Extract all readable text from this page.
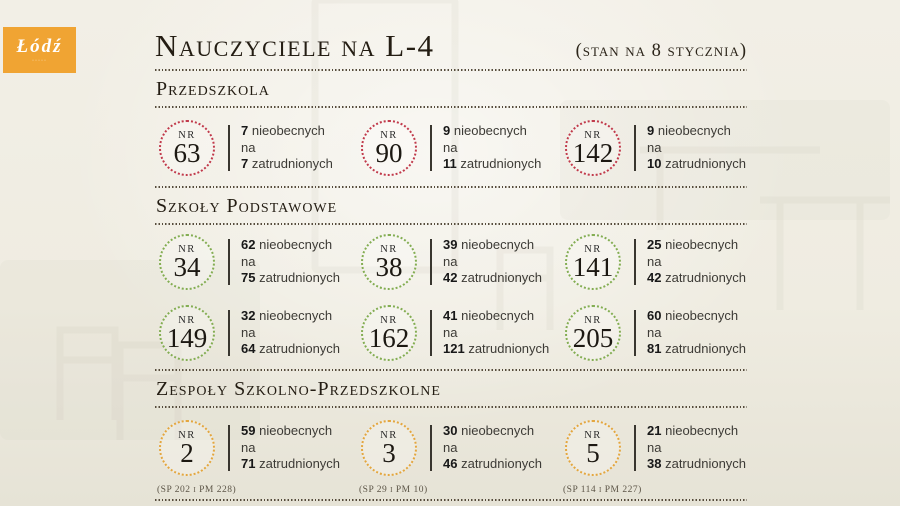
Łódź
·····	Nauczyciele na L-4	(stan na 8 stycznia)
Przedszkola
NR
63
7 nieobecnych
na
7 zatrudnionych
NR
90
9 nieobecnych
na
11 zatrudnionych
NR
142
9 nieobecnych
na
10 zatrudnionych
Szkoły Podstawowe
NR
34
62 nieobecnych
na
75 zatrudnionych
NR
38
39 nieobecnych
na
42 zatrudnionych
NR
141
25 nieobecnych
na
42 zatrudnionych
NR
149
32 nieobecnych
na
64 zatrudnionych
NR
162
41 nieobecnych
na
121 zatrudnionych
NR
205
60 nieobecnych
na
81 zatrudnionych
Zespoły Szkolno-Przedszkolne
NR
2
59 nieobecnych
na
71 zatrudnionych
(SP 202 i PM 228)
NR
3
30 nieobecnych
na
46 zatrudnionych
(SP 29 i PM 10)
NR
5
21 nieobecnych
na
38 zatrudnionych
(SP 114 i PM 227)
